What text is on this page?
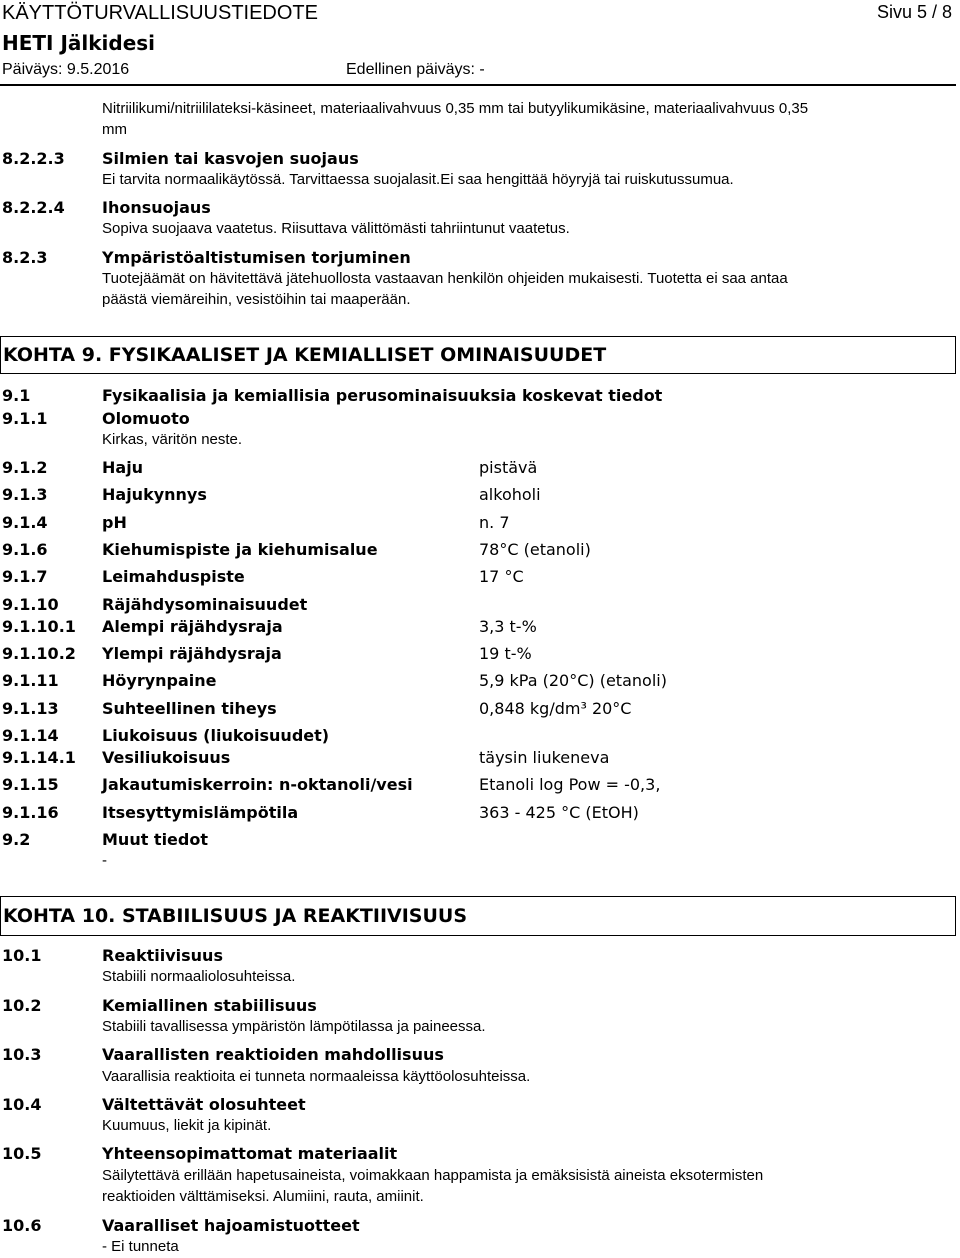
KÄYTTÖTURVALLISUUSTIEDOTE	Sivu 5 / 8
HETI Jälkidesi
Päiväys: 9.5.2016	Edellinen päiväys: -
Nitriilikumi/nitriililateksi-käsineet, materiaalivahvuus 0,35 mm tai butyylikumikäsine, materiaalivahvuus 0,35
mm
8.2.2.3 Silmien tai kasvojen suojaus
Ei tarvita normaalikäytössä. Tarvittaessa suojalasit.Ei saa hengittää höyryjä tai ruiskutussumua.
8.2.2.4 Ihonsuojaus
Sopiva suojaava vaatetus. Riisuttava välittömästi tahriintunut vaatetus.
8.2.3	Ympäristöaltistumisen torjuminen
Tuotejäämät on hävitettävä jätehuollosta vastaavan henkilön ohjeiden mukaisesti. Tuotetta ei saa antaa
päästä viemäreihin, vesistöihin tai maaperään.
KOHTA 9. FYSIKAALISET JA KEMIALLISET OMINAISUUDET
9.1	Fysikaalisia ja kemiallisia perusominaisuuksia koskevat tiedot
9.1.1	Olomuoto
Kirkas, väritön neste.
9.1.2	Haju	pistävä
9.1.3	Hajukynnys	alkoholi
9.1.4	pH	n. 7
9.1.6	Kiehumispiste ja kiehumisalue	78°C (etanoli)
9.1.7	Leimahduspiste	17 °C
9.1.10	Räjähdysominaisuudet
9.1.10.1 Alempi räjähdysraja	3,3 t-%
9.1.10.2 Ylempi räjähdysraja	19 t-%
9.1.11	Höyrynpaine	5,9 kPa (20°C) (etanoli)
9.1.13	Suhteellinen tiheys	0,848 kg/dm³ 20°C
9.1.14	Liukoisuus (liukoisuudet)
9.1.14.1 Vesiliukoisuus	täysin liukeneva
9.1.15	Jakautumiskerroin: n-oktanoli/vesi	Etanoli log Pow = -0,3,
9.1.16	Itsesyttymislämpötila	363 - 425 °C (EtOH)
9.2	Muut tiedot
-
KOHTA 10. STABIILISUUS JA REAKTIIVISUUS
10.1	Reaktiivisuus
Stabiili normaaliolosuhteissa.
10.2	Kemiallinen stabiilisuus
Stabiili tavallisessa ympäristön lämpötilassa ja paineessa.
10.3	Vaarallisten reaktioiden mahdollisuus
Vaarallisia reaktioita ei tunneta normaaleissa käyttöolosuhteissa.
10.4	Vältettävät olosuhteet
Kuumuus, liekit ja kipinät.
10.5	Yhteensopimattomat materiaalit
Säilytettävä erillään hapetusaineista, voimakkaan happamista ja emäksisistä aineista eksotermisten
reaktioiden välttämiseksi. Alumiini, rauta, amiinit.
10.6	Vaaralliset hajoamistuotteet
- Ei tunneta
